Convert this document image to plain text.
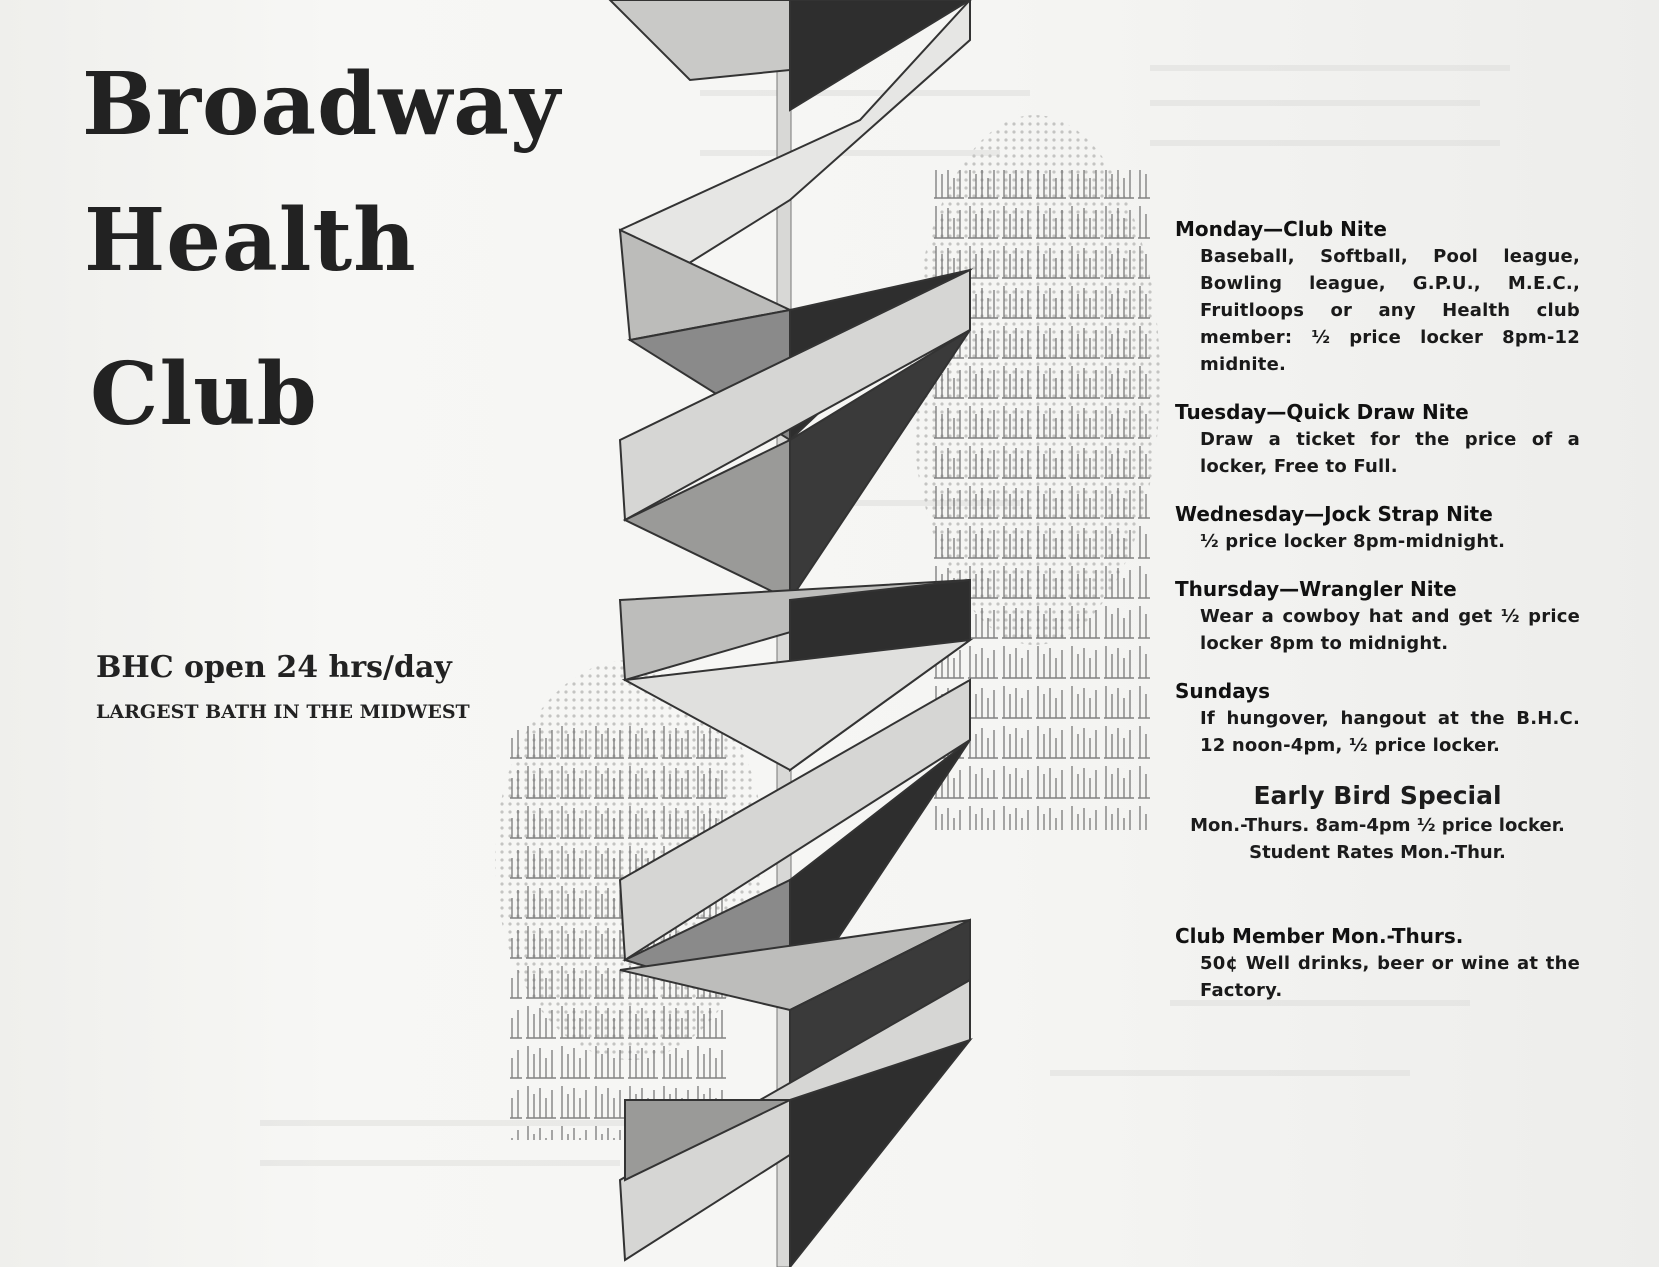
Broadway
Health
Club
BHC open 24 hrs/day
LARGEST BATH IN THE MIDWEST

Monday—Club Nite

Baseball, Softball, Pool league, Bowling league, G.P.U., M.E.C., Fruitloops or any Health club member: ½ price locker 8pm-12 midnite.

Tuesday—Quick Draw Nite

Draw a ticket for the price of a locker, Free to Full.

Wednesday—Jock Strap Nite

½ price locker 8pm-midnight.

Thursday—Wrangler Nite

Wear a cowboy hat and get ½ price locker 8pm to midnight.

Sundays

If hungover, hangout at the B.H.C. 12 noon-4pm, ½ price locker.

Early Bird Special

Mon.-Thurs. 8am-4pm ½ price locker.

Student Rates Mon.-Thur.

Club Member Mon.-Thurs.

50¢ Well drinks, beer or wine at the Factory.
